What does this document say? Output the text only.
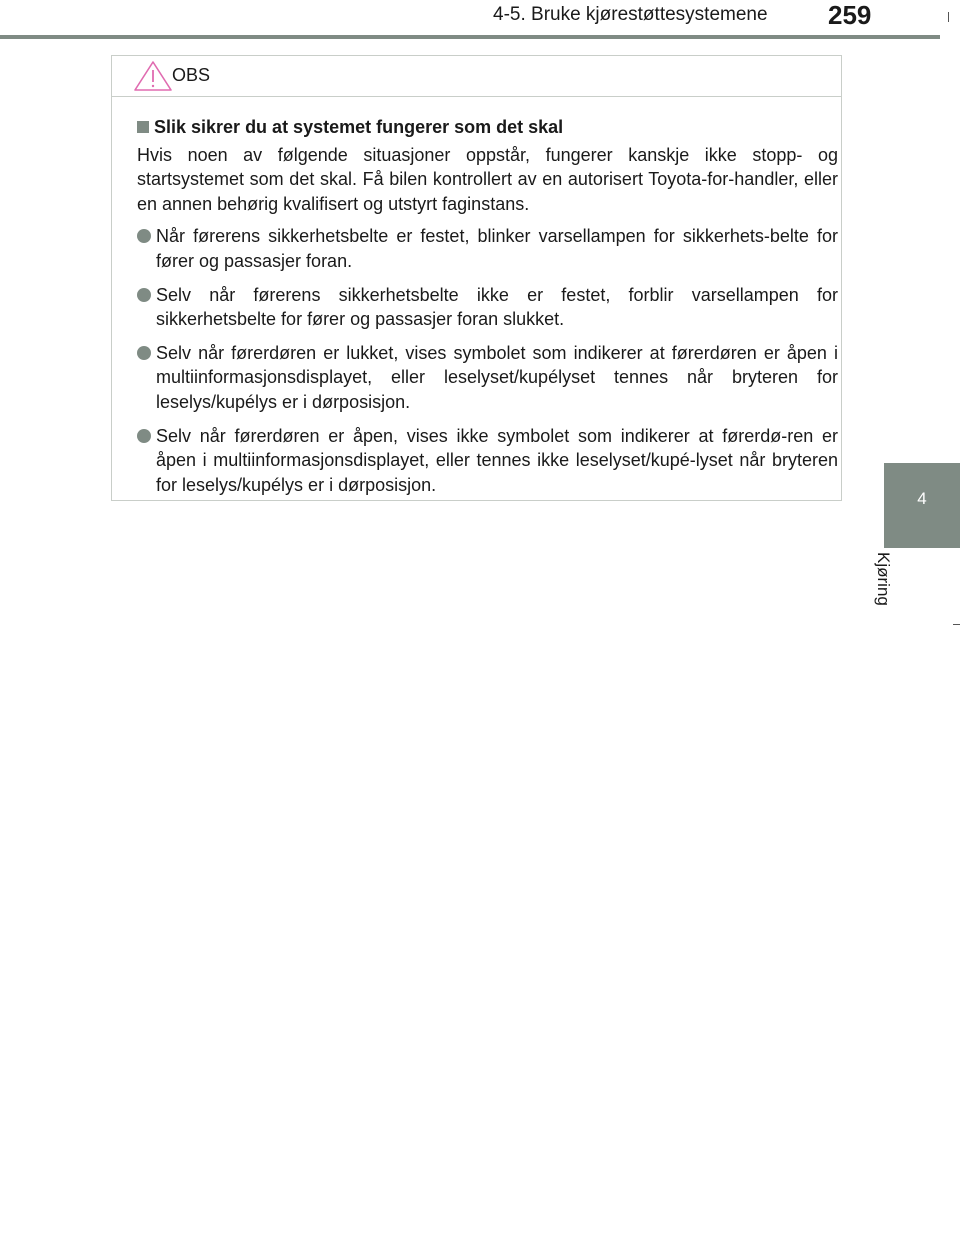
4-5. Bruke kjørestøttesystemene 259
4
Kjøring
OBS

Slik sikrer du at systemet fungerer som det skal

Hvis noen av følgende situasjoner oppstår, fungerer kanskje ikke stopp- og startsystemet som det skal. Få bilen kontrollert av en autorisert Toyota-for-handler, eller en annen behørig kvalifisert og utstyrt faginstans.

Når førerens sikkerhetsbelte er festet, blinker varsellampen for sikkerhets-belte for fører og passasjer foran.
Selv når førerens sikkerhetsbelte ikke er festet, forblir varsellampen for sikkerhetsbelte for fører og passasjer foran slukket.
Selv når førerdøren er lukket, vises symbolet som indikerer at førerdøren er åpen i multiinformasjonsdisplayet, eller leselyset/kupélyset tennes når bryteren for leselys/kupélys er i dørposisjon.
Selv når førerdøren er åpen, vises ikke symbolet som indikerer at førerdø-ren er åpen i multiinformasjonsdisplayet, eller tennes ikke leselyset/kupé-lyset når bryteren for leselys/kupélys er i dørposisjon.
